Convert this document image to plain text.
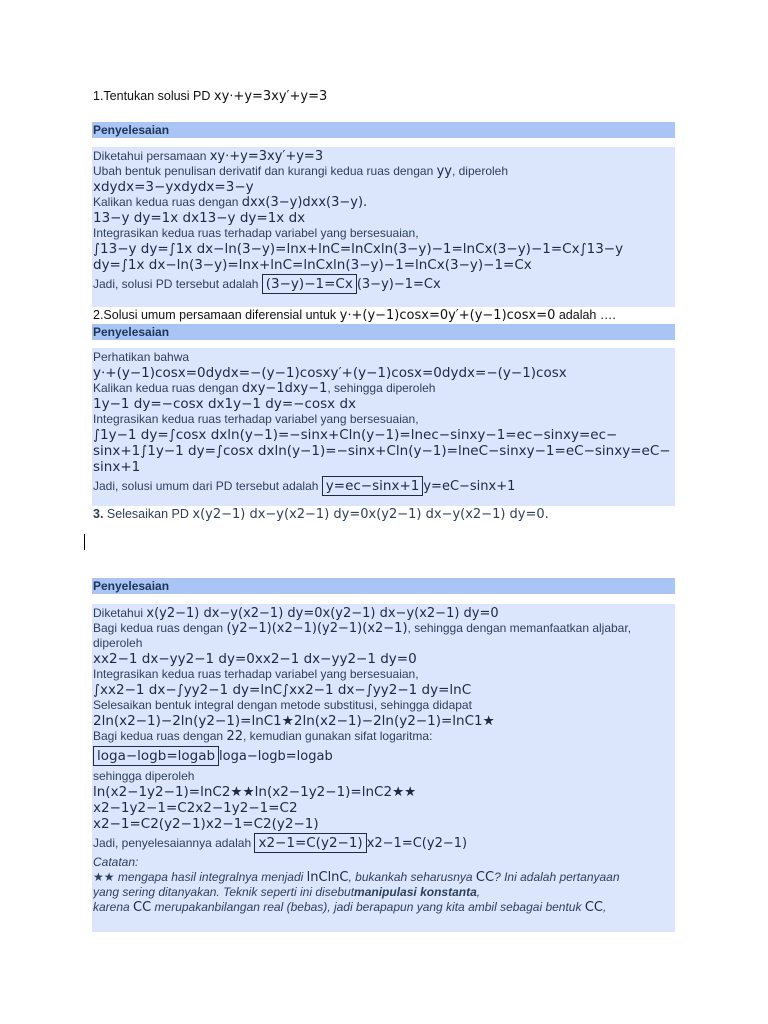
1.Tentukan solusi PD xy⋅+y=3xy′+y=3
Penyelesaian
Diketahui persamaan xy⋅+y=3xy′+y=3
Ubah bentuk penulisan derivatif dan kurangi kedua ruas dengan yy, diperoleh
xdydx=3−yxdydx=3−y
Kalikan kedua ruas dengan dxx(3−y)dxx(3−y).
13−y dy=1x dx13−y dy=1x dx
Integrasikan kedua ruas terhadap variabel yang bersesuaian,
∫13−y dy=∫1x dx−ln(3−y)=lnx+lnC=lnCxln(3−y)−1=lnCx(3−y)−1=Cx∫13−y
dy=∫1x dx−ln(3−y)=lnx+lnC=lnCxln(3−y)−1=lnCx(3−y)−1=Cx
Jadi, solusi PD tersebut adalah (3−y)−1=Cx (3−y)−1=Cx
2.Solusi umum persamaan diferensial untuk y⋅+(y−1)cosx=0y′+(y−1)cosx=0 adalah ….
Penyelesaian
Perhatikan bahwa
y⋅+(y−1)cosx=0dydx=−(y−1)cosxy′+(y−1)cosx=0dydx=−(y−1)cosx
Kalikan kedua ruas dengan dxy−1dxy−1, sehingga diperoleh
1y−1 dy=−cosx dx1y−1 dy=−cosx dx
Integrasikan kedua ruas terhadap variabel yang bersesuaian,
∫1y−1 dy=∫cosx dxln(y−1)=−sinx+Cln(y−1)=lnec−sinxy−1=ec−sinxy=ec−
sinx+1∫1y−1 dy=∫cosx dxln(y−1)=−sinx+Cln(y−1)=lneC−sinxy−1=eC−sinxy=eC−
sinx+1
Jadi, solusi umum dari PD tersebut adalah y=ec−sinx+1 y=eC−sinx+1
3. Selesaikan PD x(y2−1) dx−y(x2−1) dy=0x(y2−1) dx−y(x2−1) dy=0.
Penyelesaian
Diketahui x(y2−1) dx−y(x2−1) dy=0x(y2−1) dx−y(x2−1) dy=0
Bagi kedua ruas dengan (y2−1)(x2−1)(y2−1)(x2−1), sehingga dengan memanfaatkan aljabar,
diperoleh
xx2−1 dx−yy2−1 dy=0xx2−1 dx−yy2−1 dy=0
Integrasikan kedua ruas terhadap variabel yang bersesuaian,
∫xx2−1 dx−∫yy2−1 dy=lnC∫xx2−1 dx−∫yy2−1 dy=lnC
Selesaikan bentuk integral dengan metode substitusi, sehingga didapat
2ln(x2−1)−2ln(y2−1)=lnC1★2ln(x2−1)−2ln(y2−1)=lnC1★
Bagi kedua ruas dengan 22, kemudian gunakan sifat logaritma:
loga−logb=logab loga−logb=logab
sehingga diperoleh
ln(x2−1y2−1)=lnC2★★ln(x2−1y2−1)=lnC2★★
x2−1y2−1=C2x2−1y2−1=C2
x2−1=C2(y2−1)x2−1=C2(y2−1)
Jadi, penyelesaiannya adalah x2−1=C(y2−1) x2−1=C(y2−1)
Catatan:
★★ mengapa hasil integralnya menjadi lnClnC, bukankah seharusnya CC? Ini adalah pertanyaan
yang sering ditanyakan. Teknik seperti ini disebutmanipulasi konstanta,
karena CC merupakanbilangan real (bebas), jadi berapapun yang kita ambil sebagai bentuk CC,
